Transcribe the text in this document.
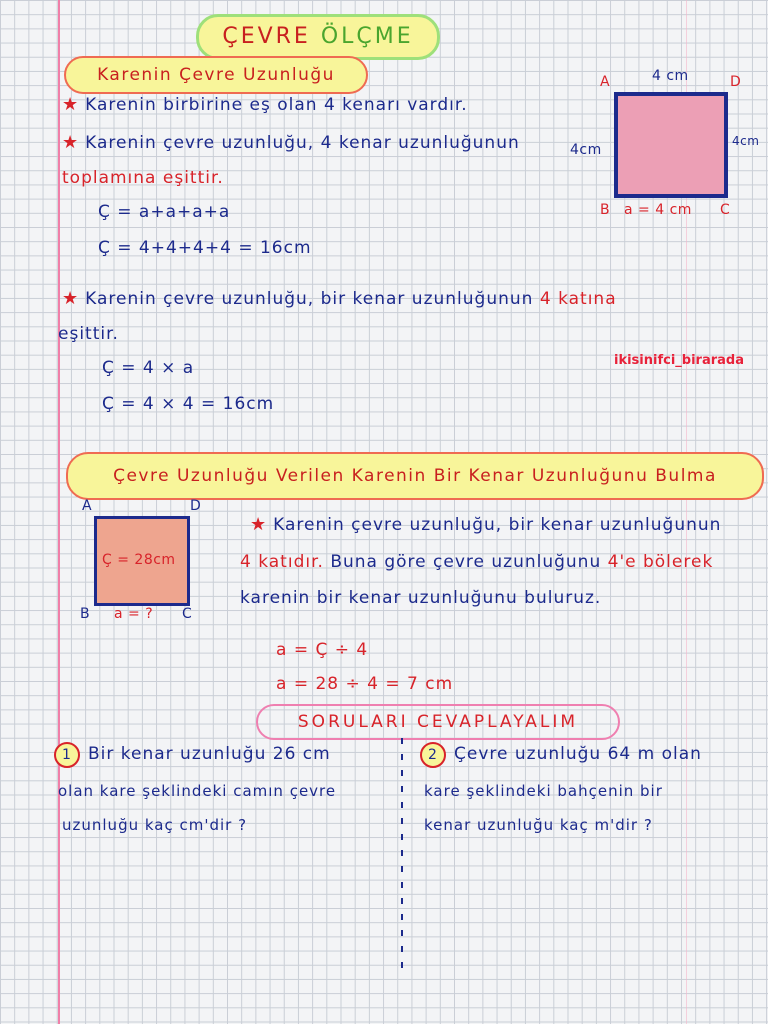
ÇEVRE ÖLÇME
Karenin Çevre Uzunluğu
★ Karenin birbirine eş olan 4 kenarı vardır.
★ Karenin çevre uzunluğu, 4 kenar uzunluğunun
toplamına eşittir.
Ç = a+a+a+a
Ç = 4+4+4+4 = 16cm
A	4 cm	D
4cm
4cm
B a = 4 cm C
★ Karenin çevre uzunluğu, bir kenar uzunluğunun 4 katına
eşittir.
ikisinifci_birarada
Ç = 4 × a
Ç = 4 × 4 = 16cm
Çevre Uzunluğu Verilen Karenin Bir Kenar Uzunluğunu Bulma
A	D
Ç = 28cm
B a = ? C
★ Karenin çevre uzunluğu, bir kenar uzunluğunun
4 katıdır. Buna göre çevre uzunluğunu 4'e bölerek
karenin bir kenar uzunluğunu buluruz.
a = Ç ÷ 4
a = 28 ÷ 4 = 7 cm
SORULARI CEVAPLAYALIM
1 Bir kenar uzunluğu 26 cm
olan kare şeklindeki camın çevre
uzunluğu kaç cm'dir ?
2 Çevre uzunluğu 64 m olan
kare şeklindeki bahçenin bir
kenar uzunluğu kaç m'dir ?
